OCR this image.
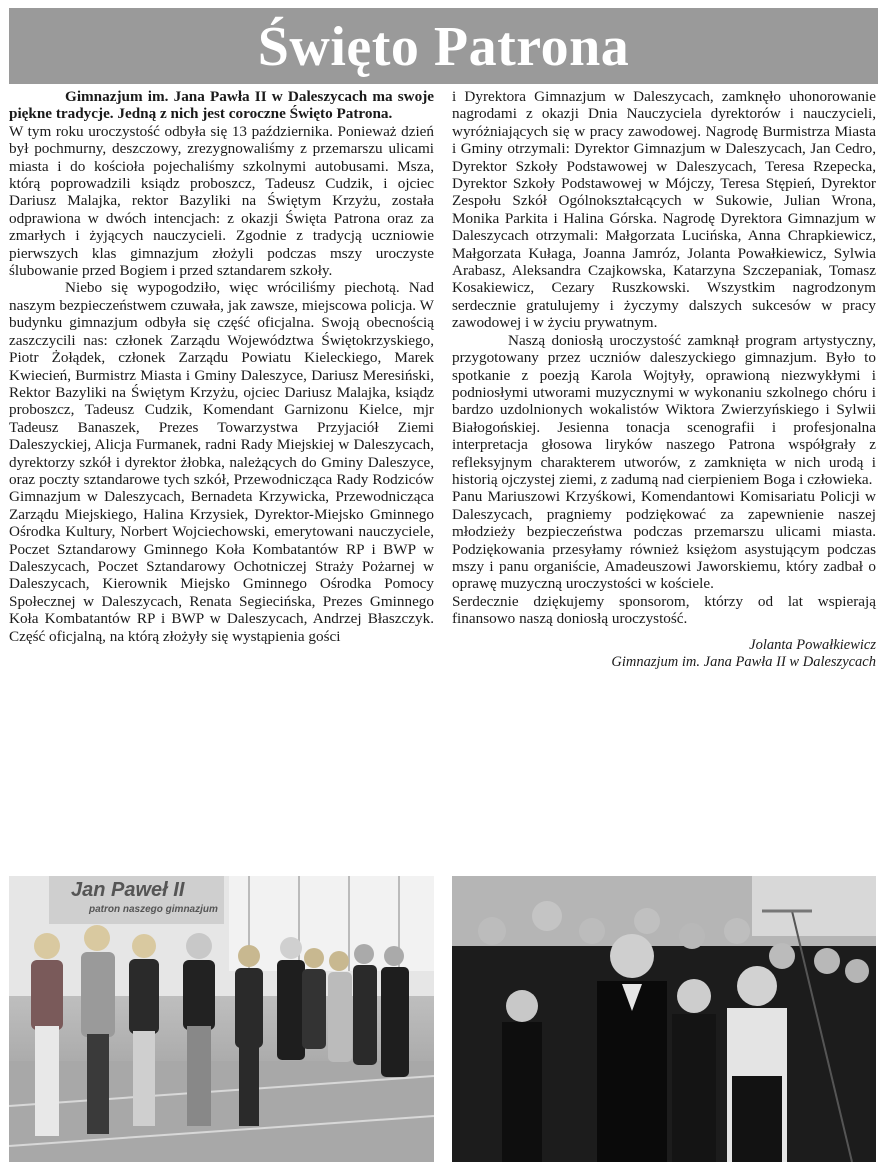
Święto Patrona

Gimnazjum im. Jana Pawła II w Daleszycach ma swoje piękne tradycje. Jedną z nich jest coroczne Święto Patrona.

W tym roku uroczystość odbyła się 13 października. Ponieważ dzień był pochmurny, deszczowy, zrezygnowaliśmy z przemarszu ulicami miasta i do kościoła pojechaliśmy szkolnymi autobusami. Msza, którą poprowadzili ksiądz proboszcz, Tadeusz Cudzik, i ojciec Dariusz Malajka, rektor Bazyliki na Świętym Krzyżu, została odprawiona w dwóch intencjach: z okazji Święta Patrona oraz za zmarłych i żyjących nauczycieli. Zgodnie z tradycją uczniowie pierwszych klas gimnazjum złożyli podczas mszy uroczyste ślubowanie przed Bogiem i przed sztandarem szkoły.

Niebo się wypogodziło, więc wróciliśmy piechotą. Nad naszym bezpieczeństwem czuwała, jak zawsze, miejscowa policja. W budynku gimnazjum odbyła się część oficjalna. Swoją obecnością zaszczycili nas: członek Zarządu Województwa Świętokrzyskiego, Piotr Żołądek, członek Zarządu Powiatu Kieleckiego, Marek Kwiecień, Burmistrz Miasta i Gminy Daleszyce, Dariusz Meresiński, Rektor Bazyliki na Świętym Krzyżu, ojciec Dariusz Malajka, ksiądz proboszcz, Tadeusz Cudzik, Komendant Garnizonu Kielce, mjr Tadeusz Banaszek, Prezes Towarzystwa Przyjaciół Ziemi Daleszyckiej, Alicja Furmanek, radni Rady Miejskiej w Daleszycach, dyrektorzy szkół i dyrektor żłobka, należących do Gminy Daleszyce, oraz poczty sztandarowe tych szkół, Przewodnicząca Rady Rodziców Gimnazjum w Daleszycach, Bernadeta Krzywicka, Przewodnicząca Zarządu Miejskiego, Halina Krzysiek, Dyrektor-Miejsko Gminnego Ośrodka Kultury, Norbert Wojciechowski, emerytowani nauczyciele, Poczet Sztandarowy Gminnego Koła Kombatantów RP i BWP w Daleszycach, Poczet Sztandarowy Ochotniczej Straży Pożarnej w Daleszycach, Kierownik Miejsko Gminnego Ośrodka Pomocy Społecznej w Daleszycach, Renata Segiecińska, Prezes Gminnego Koła Kombatantów RP i BWP w Daleszycach, Andrzej Błaszczyk. Część oficjalną, na którą złożyły się wystąpienia gości

i Dyrektora Gimnazjum w Daleszycach, zamknęło uhonorowanie nagrodami z okazji Dnia Nauczyciela dyrektorów i nauczycieli, wyróżniających się w pracy zawodowej. Nagrodę Burmistrza Miasta i Gminy otrzymali: Dyrektor Gimnazjum w Daleszycach, Jan Cedro, Dyrektor Szkoły Podstawowej w Daleszycach, Teresa Rzepecka, Dyrektor Szkoły Podstawowej w Mójczy, Teresa Stępień, Dyrektor Zespołu Szkół Ogólnokształcących w Sukowie, Julian Wrona, Monika Parkita i Halina Górska. Nagrodę Dyrektora Gimnazjum w Daleszycach otrzymali: Małgorzata Lucińska, Anna Chrapkiewicz, Małgorzata Kułaga, Joanna Jamróz, Jolanta Powałkiewicz, Sylwia Arabasz, Aleksandra Czajkowska, Katarzyna Szczepaniak, Tomasz Kosakiewicz, Cezary Ruszkowski. Wszystkim nagrodzonym serdecznie gratulujemy i życzymy dalszych sukcesów w pracy zawodowej i w życiu prywatnym.

Naszą doniosłą uroczystość zamknął program artystyczny, przygotowany przez uczniów daleszyckiego gimnazjum. Było to spotkanie z poezją Karola Wojtyły, oprawioną niezwykłymi i podniosłymi utworami muzycznymi w wykonaniu szkolnego chóru i bardzo uzdolnionych wokalistów Wiktora Zwierzyńskiego i Sylwii Białogońskiej. Jesienna tonacja scenografii i profesjonalna interpretacja głosowa liryków naszego Patrona współgrały z refleksyjnym charakterem utworów, z zamknięta w nich urodą i historią ojczystej ziemi, z zadumą nad cierpieniem Boga i człowieka.

Panu Mariuszowi Krzyśkowi, Komendantowi Komisariatu Policji w Daleszycach, pragniemy podziękować za zapewnienie naszej młodzieży bezpieczeństwa podczas przemarszu ulicami miasta. Podziękowania przesyłamy również księżom asystującym podczas mszy i panu organiście, Amadeuszowi Jaworskiemu, który zadbał o oprawę muzyczną uroczystości w kościele.

Serdecznie dziękujemy sponsorom, którzy od lat wspierają finansowo naszą doniosłą uroczystość.

Jolanta Powałkiewicz
Gimnazjum im. Jana Pawła II w Daleszycach

Jan Paweł II
patron naszego gimnazjum
